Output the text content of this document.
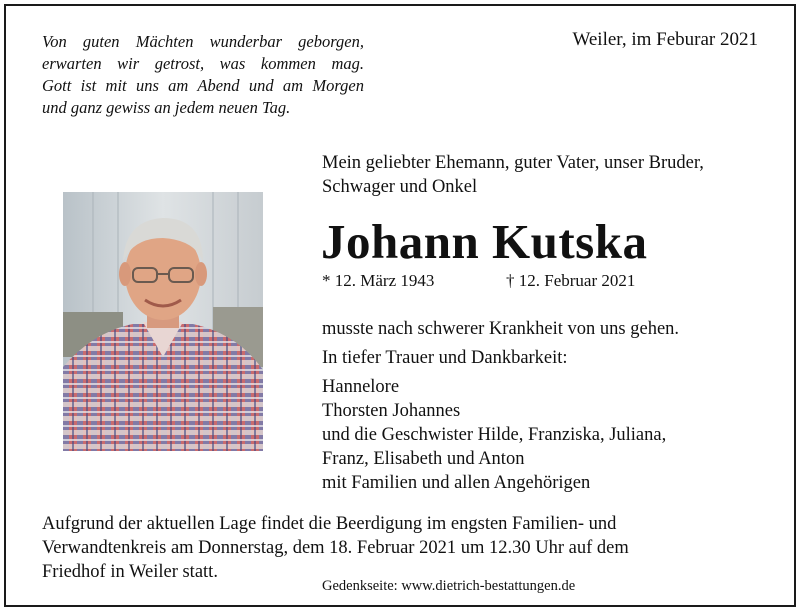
Von guten Mächten wunderbar geborgen,
erwarten wir getrost, was kommen mag.
Gott ist mit uns am Abend und am Morgen
und ganz gewiss an jedem neuen Tag.
Weiler, im Feburar 2021
Mein geliebter Ehemann, guter Vater, unser Bruder,
Schwager und Onkel
Johann Kutska
* 12. März 1943	† 12. Februar 2021
musste nach schwerer Krankheit von uns gehen.
In tiefer Trauer und Dankbarkeit:
Hannelore
Thorsten Johannes
und die Geschwister Hilde, Franziska, Juliana,
Franz, Elisabeth und Anton
mit Familien und allen Angehörigen
Aufgrund der aktuellen Lage findet die Beerdigung im engsten Familien- und
Verwandtenkreis am Donnerstag, dem 18. Februar 2021 um 12.30 Uhr auf dem
Friedhof in Weiler statt.
Gedenkseite: www.dietrich-bestattungen.de
